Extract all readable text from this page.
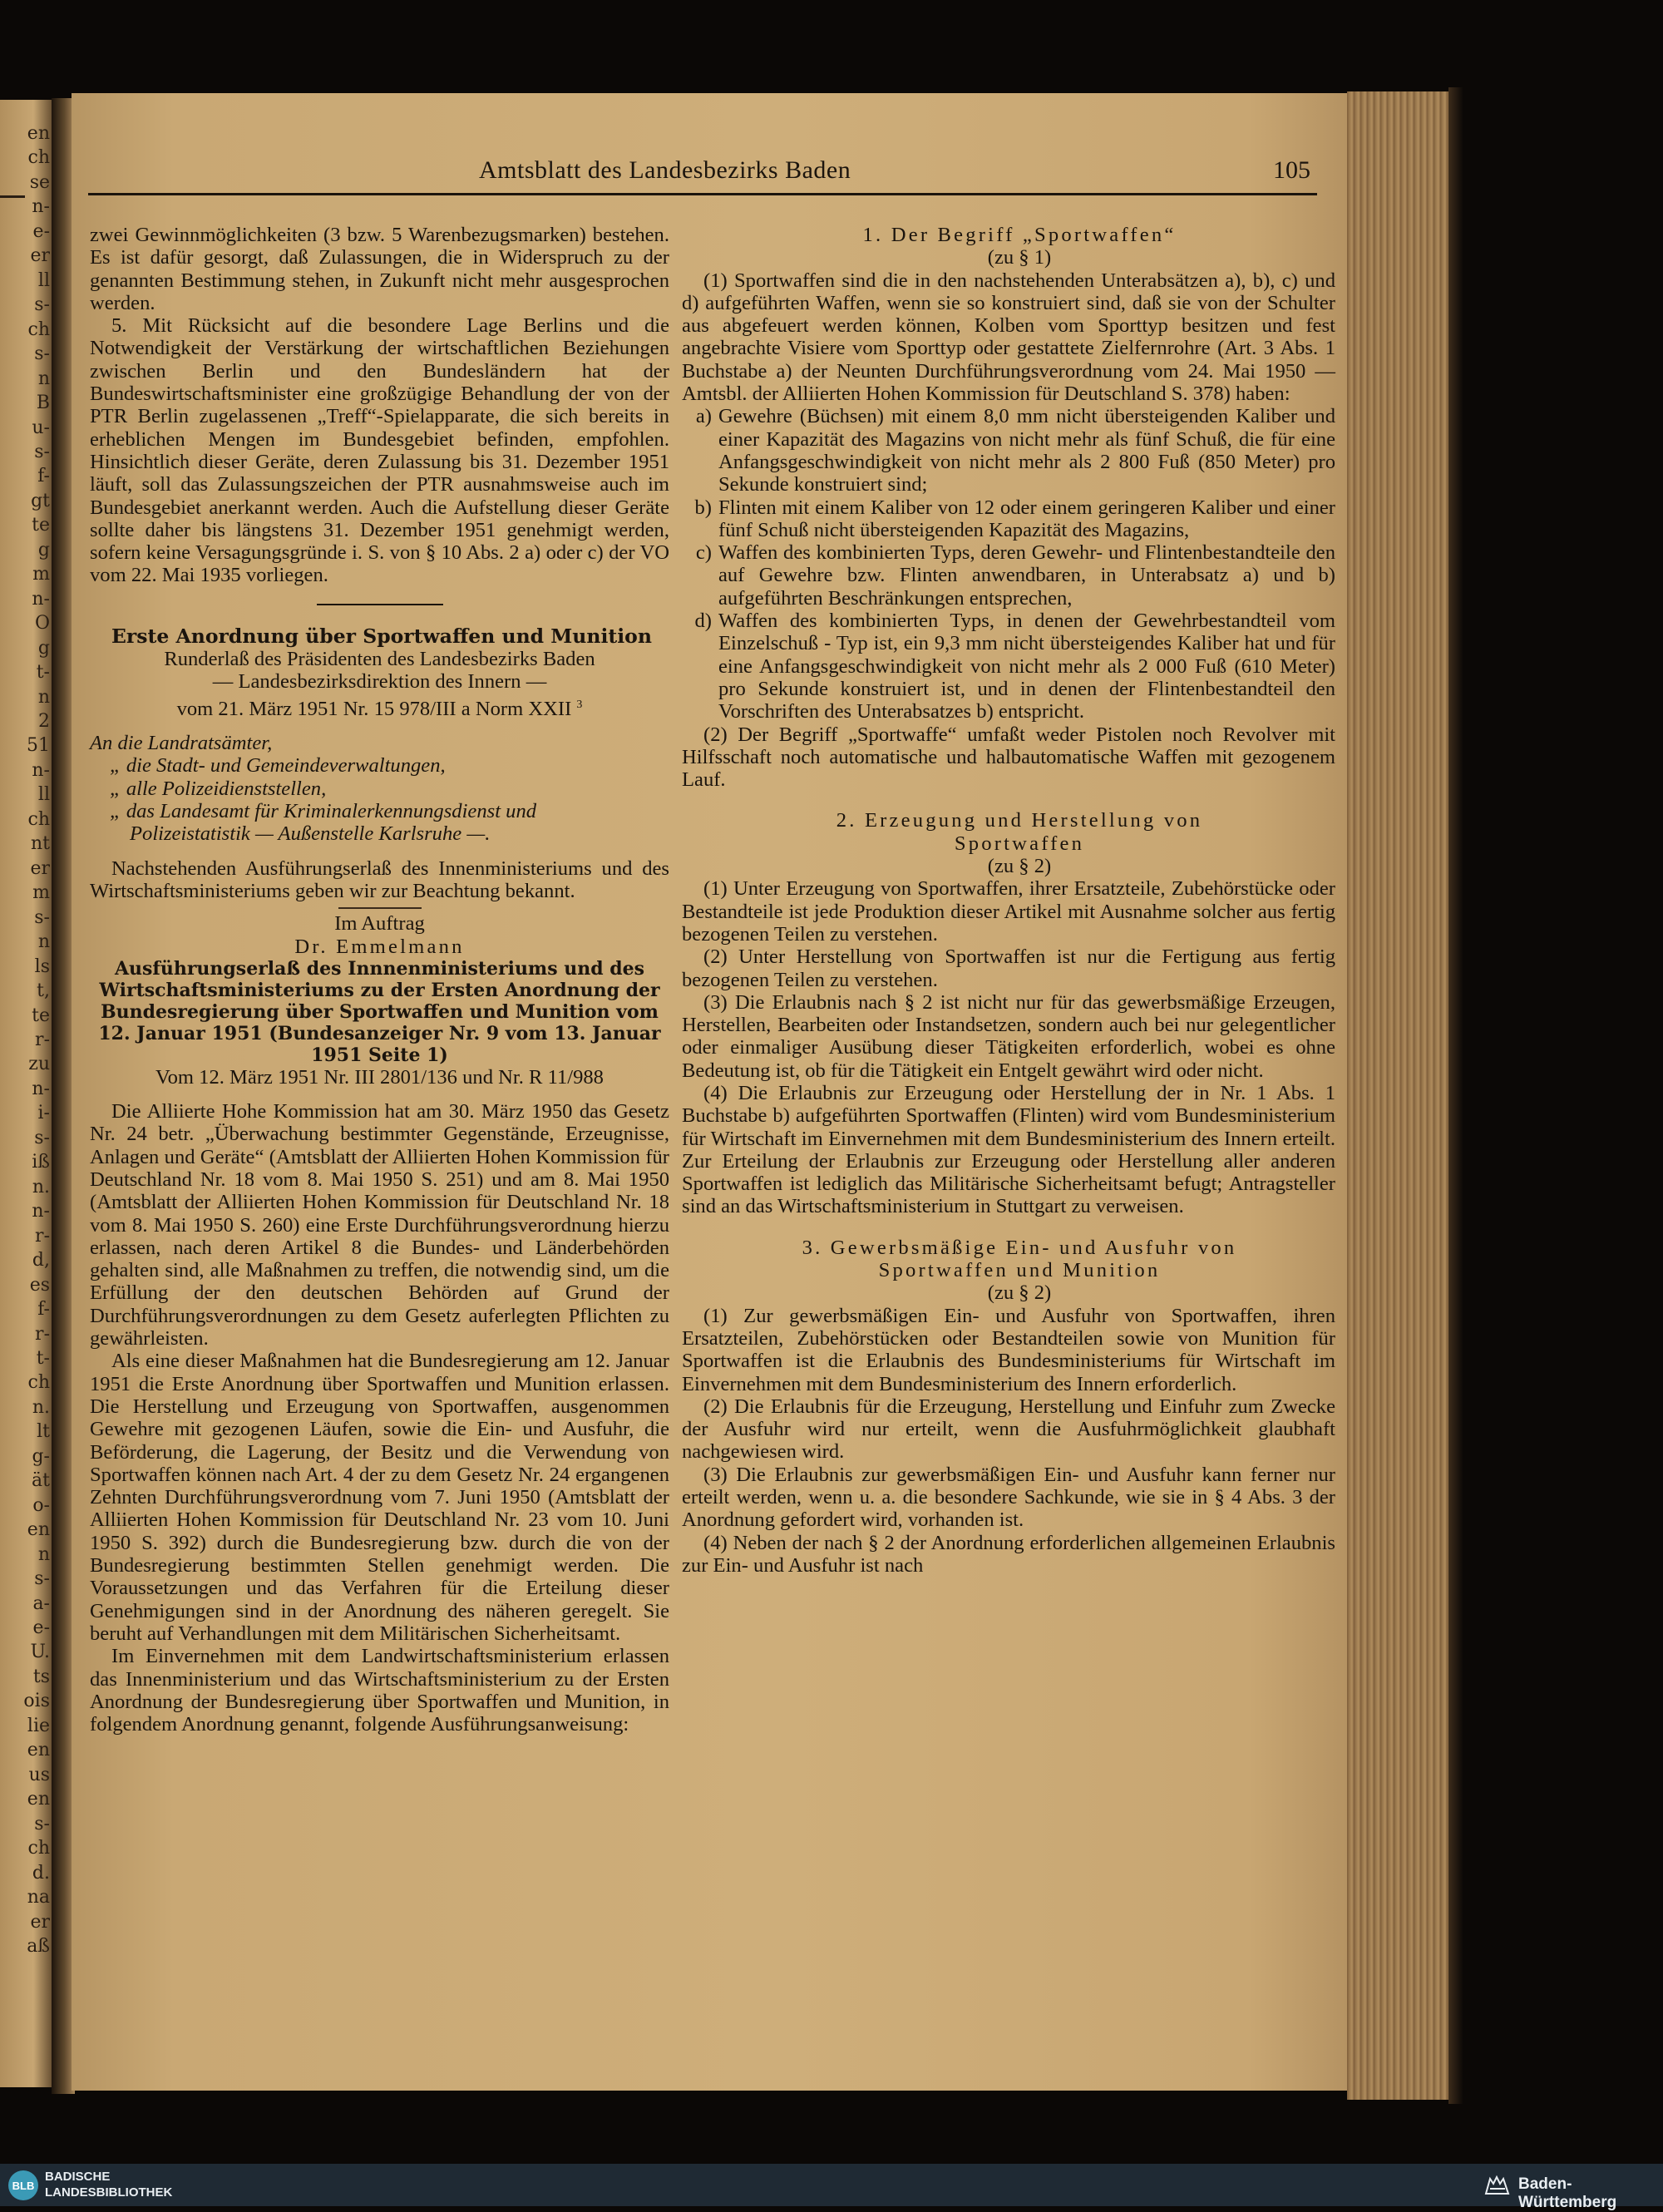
en
ch
se
n-
e-
er
ll
s-
ch
s-
n
B
u-
s-
f-
gt
te
g
m
n-
O
g
t-
n
2
51
n-
ll
ch
nt
er
m
s-
n
ls
t,
te
r-
zu
n-
i-
s-
iß
n.
n-
r-
d,
es
f-
r-
t-
ch
n.
lt
g-
ät
o-
en
n
s-
a-
e-
U.
ts
ois
lie
en
us
en
s-
ch
d.
na
er
aß
Amtsblatt des Landesbezirks Baden	105

zwei Gewinnmöglichkeiten (3 bzw. 5 Warenbezugsmarken) bestehen. Es ist dafür gesorgt, daß Zulassungen, die in Widerspruch zu der genannten Bestimmung stehen, in Zukunft nicht mehr ausgesprochen werden.

5. Mit Rücksicht auf die besondere Lage Berlins und die Notwendigkeit der Verstärkung der wirtschaftlichen Beziehungen zwischen Berlin und den Bundesländern hat der Bundeswirtschaftsminister eine großzügige Behandlung der von der PTR Berlin zugelassenen „Treff“-Spielapparate, die sich bereits in erheblichen Mengen im Bundesgebiet befinden, empfohlen. Hinsichtlich dieser Geräte, deren Zulassung bis 31. Dezember 1951 läuft, soll das Zulassungszeichen der PTR ausnahmsweise auch im Bundesgebiet anerkannt werden. Auch die Aufstellung dieser Geräte sollte daher bis längstens 31. Dezember 1951 genehmigt werden, sofern keine Versagungsgründe i. S. von § 10 Abs. 2 a) oder c) der VO vom 22. Mai 1935 vorliegen.

Erste Anordnung über Sportwaffen und Munition

Runderlaß des Präsidenten des Landesbezirks Baden

— Landesbezirksdirektion des Innern —

vom 21. März 1951 Nr. 15 978/III a Norm XXII $^3$

An die Landratsämter,
„ die Stadt- und Gemeindeverwaltungen,
„ alle Polizeidienststellen,
„ das Landesamt für Kriminalerkennungsdienst und
Polizeistatistik — Außenstelle Karlsruhe —.

Nachstehenden Ausführungserlaß des Innenministeriums und des Wirtschaftsministeriums geben wir zur Beachtung bekannt.

Im Auftrag

Dr. Emmelmann

Ausführungserlaß des Innnenministeriums und des Wirtschaftsministeriums zu der Ersten Anordnung der Bundesregierung über Sportwaffen und Munition vom 12. Januar 1951 (Bundesanzeiger Nr. 9 vom 13. Januar 1951 Seite 1)

Vom 12. März 1951 Nr. III 2801/136 und Nr. R 11/988

Die Alliierte Hohe Kommission hat am 30. März 1950 das Gesetz Nr. 24 betr. „Überwachung bestimmter Gegenstände, Erzeugnisse, Anlagen und Geräte“ (Amtsblatt der Alliierten Hohen Kommission für Deutschland Nr. 18 vom 8. Mai 1950 S. 251) und am 8. Mai 1950 (Amtsblatt der Alliierten Hohen Kommission für Deutschland Nr. 18 vom 8. Mai 1950 S. 260) eine Erste Durchführungsverordnung hierzu erlassen, nach deren Artikel 8 die Bundes- und Länderbehörden gehalten sind, alle Maßnahmen zu treffen, die notwendig sind, um die Erfüllung der den deutschen Behörden auf Grund der Durchführungsverordnungen zu dem Gesetz auferlegten Pflichten zu gewährleisten.

Als eine dieser Maßnahmen hat die Bundesregierung am 12. Januar 1951 die Erste Anordnung über Sportwaffen und Munition erlassen. Die Herstellung und Erzeugung von Sportwaffen, ausgenommen Gewehre mit gezogenen Läufen, sowie die Ein- und Ausfuhr, die Beförderung, die Lagerung, der Besitz und die Verwendung von Sportwaffen können nach Art. 4 der zu dem Gesetz Nr. 24 ergangenen Zehnten Durchführungsverordnung vom 7. Juni 1950 (Amtsblatt der Alliierten Hohen Kommission für Deutschland Nr. 23 vom 10. Juni 1950 S. 392) durch die Bundesregierung bzw. durch die von der Bundesregierung bestimmten Stellen genehmigt werden. Die Voraussetzungen und das Verfahren für die Erteilung dieser Genehmigungen sind in der Anordnung des näheren geregelt. Sie beruht auf Verhandlungen mit dem Militärischen Sicherheitsamt.

Im Einvernehmen mit dem Landwirtschaftsministerium erlassen das Innenministerium und das Wirtschaftsministerium zu der Ersten Anordnung der Bundesregierung über Sportwaffen und Munition, in folgendem Anordnung genannt, folgende Ausführungsanweisung:

1. Der Begriff „Sportwaffen“

(zu § 1)

(1) Sportwaffen sind die in den nachstehenden Unterabsätzen a), b), c) und d) aufgeführten Waffen, wenn sie so konstruiert sind, daß sie von der Schulter aus abgefeuert werden können, Kolben vom Sporttyp besitzen und fest angebrachte Visiere vom Sporttyp oder gestattete Zielfernrohre (Art. 3 Abs. 1 Buchstabe a) der Neunten Durchführungsverordnung vom 24. Mai 1950 — Amtsbl. der Alliierten Hohen Kommission für Deutschland S. 378) haben:

a) Gewehre (Büchsen) mit einem 8,0 mm nicht übersteigenden Kaliber und einer Kapazität des Magazins von nicht mehr als fünf Schuß, die für eine Anfangsgeschwindigkeit von nicht mehr als 2 800 Fuß (850 Meter) pro Sekunde konstruiert sind;
b) Flinten mit einem Kaliber von 12 oder einem geringeren Kaliber und einer fünf Schuß nicht übersteigenden Kapazität des Magazins,
c) Waffen des kombinierten Typs, deren Gewehr- und Flintenbestandteile den auf Gewehre bzw. Flinten anwendbaren, in Unterabsatz a) und b) aufgeführten Beschränkungen entsprechen,
d) Waffen des kombinierten Typs, in denen der Gewehrbestandteil vom Einzelschuß - Typ ist, ein 9,3 mm nicht übersteigendes Kaliber hat und für eine Anfangsgeschwindigkeit von nicht mehr als 2 000 Fuß (610 Meter) pro Sekunde konstruiert ist, und in denen der Flintenbestandteil den Vorschriften des Unterabsatzes b) entspricht.

(2) Der Begriff „Sportwaffe“ umfaßt weder Pistolen noch Revolver mit Hilfsschaft noch automatische und halbautomatische Waffen mit gezogenem Lauf.

2. Erzeugung und Herstellung von

Sportwaffen

(zu § 2)

(1) Unter Erzeugung von Sportwaffen, ihrer Ersatzteile, Zubehörstücke oder Bestandteile ist jede Produktion dieser Artikel mit Ausnahme solcher aus fertig bezogenen Teilen zu verstehen.

(2) Unter Herstellung von Sportwaffen ist nur die Fertigung aus fertig bezogenen Teilen zu verstehen.

(3) Die Erlaubnis nach § 2 ist nicht nur für das gewerbsmäßige Erzeugen, Herstellen, Bearbeiten oder Instandsetzen, sondern auch bei nur gelegentlicher oder einmaliger Ausübung dieser Tätigkeiten erforderlich, wobei es ohne Bedeutung ist, ob für die Tätigkeit ein Entgelt gewährt wird oder nicht.

(4) Die Erlaubnis zur Erzeugung oder Herstellung der in Nr. 1 Abs. 1 Buchstabe b) aufgeführten Sportwaffen (Flinten) wird vom Bundesministerium für Wirtschaft im Einvernehmen mit dem Bundesministerium des Innern erteilt. Zur Erteilung der Erlaubnis zur Erzeugung oder Herstellung aller anderen Sportwaffen ist lediglich das Militärische Sicherheitsamt befugt; Antragsteller sind an das Wirtschaftsministerium in Stuttgart zu verweisen.

3. Gewerbsmäßige Ein- und Ausfuhr von

Sportwaffen und Munition

(zu § 2)

(1) Zur gewerbsmäßigen Ein- und Ausfuhr von Sportwaffen, ihren Ersatzteilen, Zubehörstücken oder Bestandteilen sowie von Munition für Sportwaffen ist die Erlaubnis des Bundesministeriums für Wirtschaft im Einvernehmen mit dem Bundesministerium des Innern erforderlich.

(2) Die Erlaubnis für die Erzeugung, Herstellung und Einfuhr zum Zwecke der Ausfuhr wird nur erteilt, wenn die Ausfuhrmöglichkeit glaubhaft nachgewiesen wird.

(3) Die Erlaubnis zur gewerbsmäßigen Ein- und Ausfuhr kann ferner nur erteilt werden, wenn u. a. die besondere Sachkunde, wie sie in § 4 Abs. 3 der Anordnung gefordert wird, vorhanden ist.

(4) Neben der nach § 2 der Anordnung erforderlichen allgemeinen Erlaubnis zur Ein- und Ausfuhr ist nach

BLB
BADISCHE
LANDESBIBLIOTHEK	Baden-Württemberg
